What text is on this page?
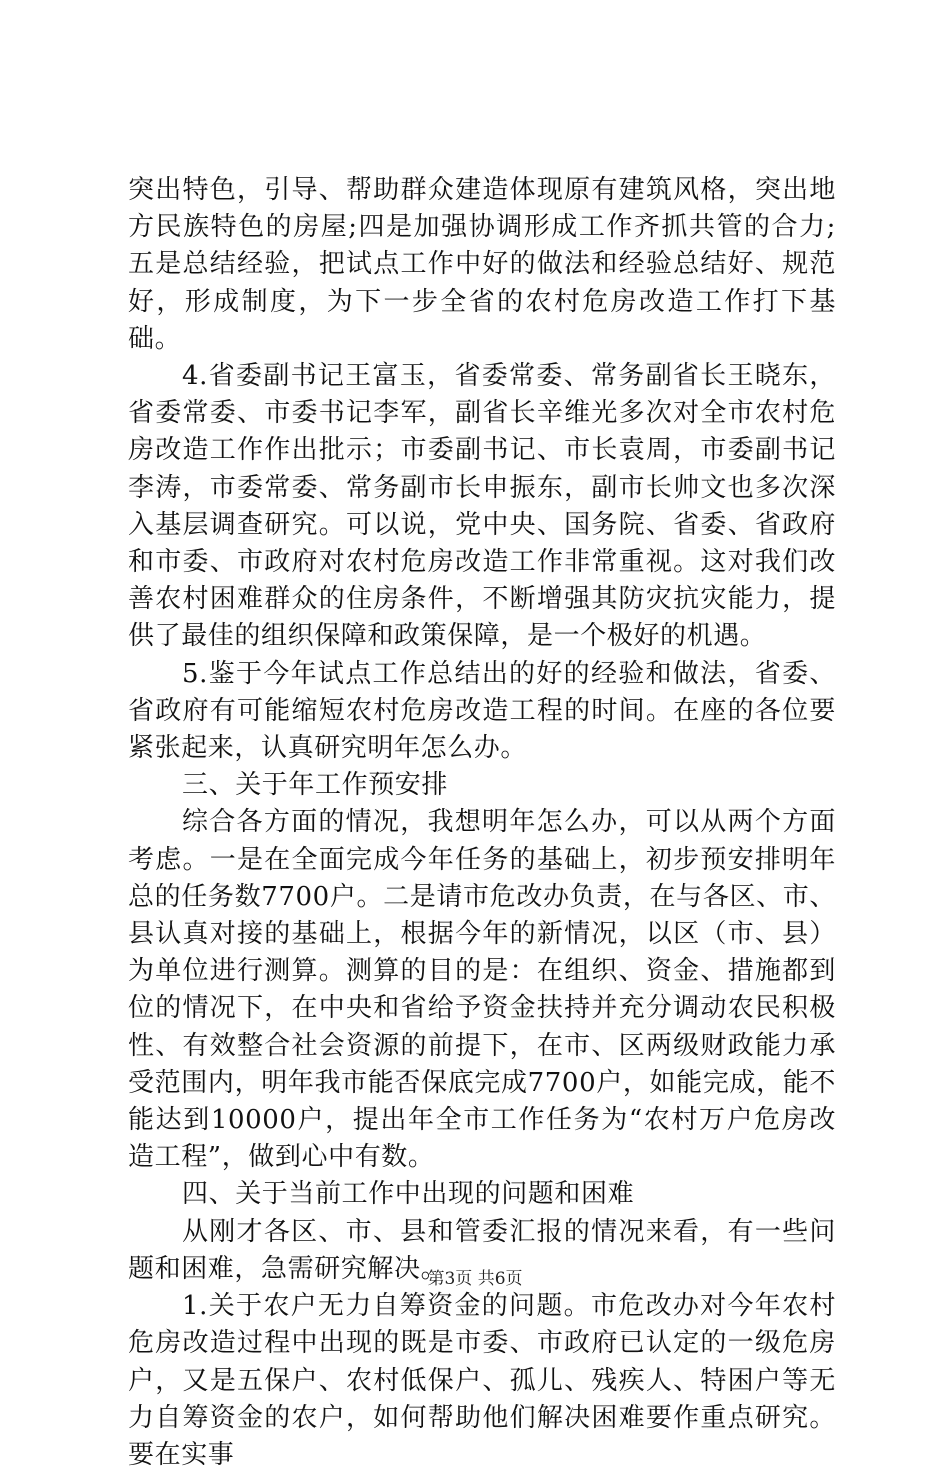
突出特色，引导、帮助群众建造体现原有建筑风格，突出地方民族特色的房屋;四是加强协调形成工作齐抓共管的合力;五是总结经验，把试点工作中好的做法和经验总结好、规范好，形成制度，为下一步全省的农村危房改造工作打下基础。

4.省委副书记王富玉，省委常委、常务副省长王晓东，省委常委、市委书记李军，副省长辛维光多次对全市农村危房改造工作作出批示；市委副书记、市长袁周，市委副书记李涛，市委常委、常务副市长申振东，副市长帅文也多次深入基层调查研究。可以说，党中央、国务院、省委、省政府和市委、市政府对农村危房改造工作非常重视。这对我们改善农村困难群众的住房条件，不断增强其防灾抗灾能力，提供了最佳的组织保障和政策保障，是一个极好的机遇。

5.鉴于今年试点工作总结出的好的经验和做法，省委、省政府有可能缩短农村危房改造工程的时间。在座的各位要紧张起来，认真研究明年怎么办。

三、关于年工作预安排

综合各方面的情况，我想明年怎么办，可以从两个方面考虑。一是在全面完成今年任务的基础上，初步预安排明年总的任务数7700户。二是请市危改办负责，在与各区、市、县认真对接的基础上，根据今年的新情况，以区（市、县）为单位进行测算。测算的目的是：在组织、资金、措施都到位的情况下，在中央和省给予资金扶持并充分调动农民积极性、有效整合社会资源的前提下，在市、区两级财政能力承受范围内，明年我市能否保底完成7700户，如能完成，能不能达到10000户，提出年全市工作任务为“农村万户危房改造工程”，做到心中有数。

四、关于当前工作中出现的问题和困难

从刚才各区、市、县和管委汇报的情况来看，有一些问题和困难，急需研究解决。

1.关于农户无力自筹资金的问题。市危改办对今年农村危房改造过程中出现的既是市委、市政府已认定的一级危房户，又是五保户、农村低保户、孤儿、残疾人、特困户等无力自筹资金的农户，如何帮助他们解决困难要作重点研究。要在实事

第3页 共6页
